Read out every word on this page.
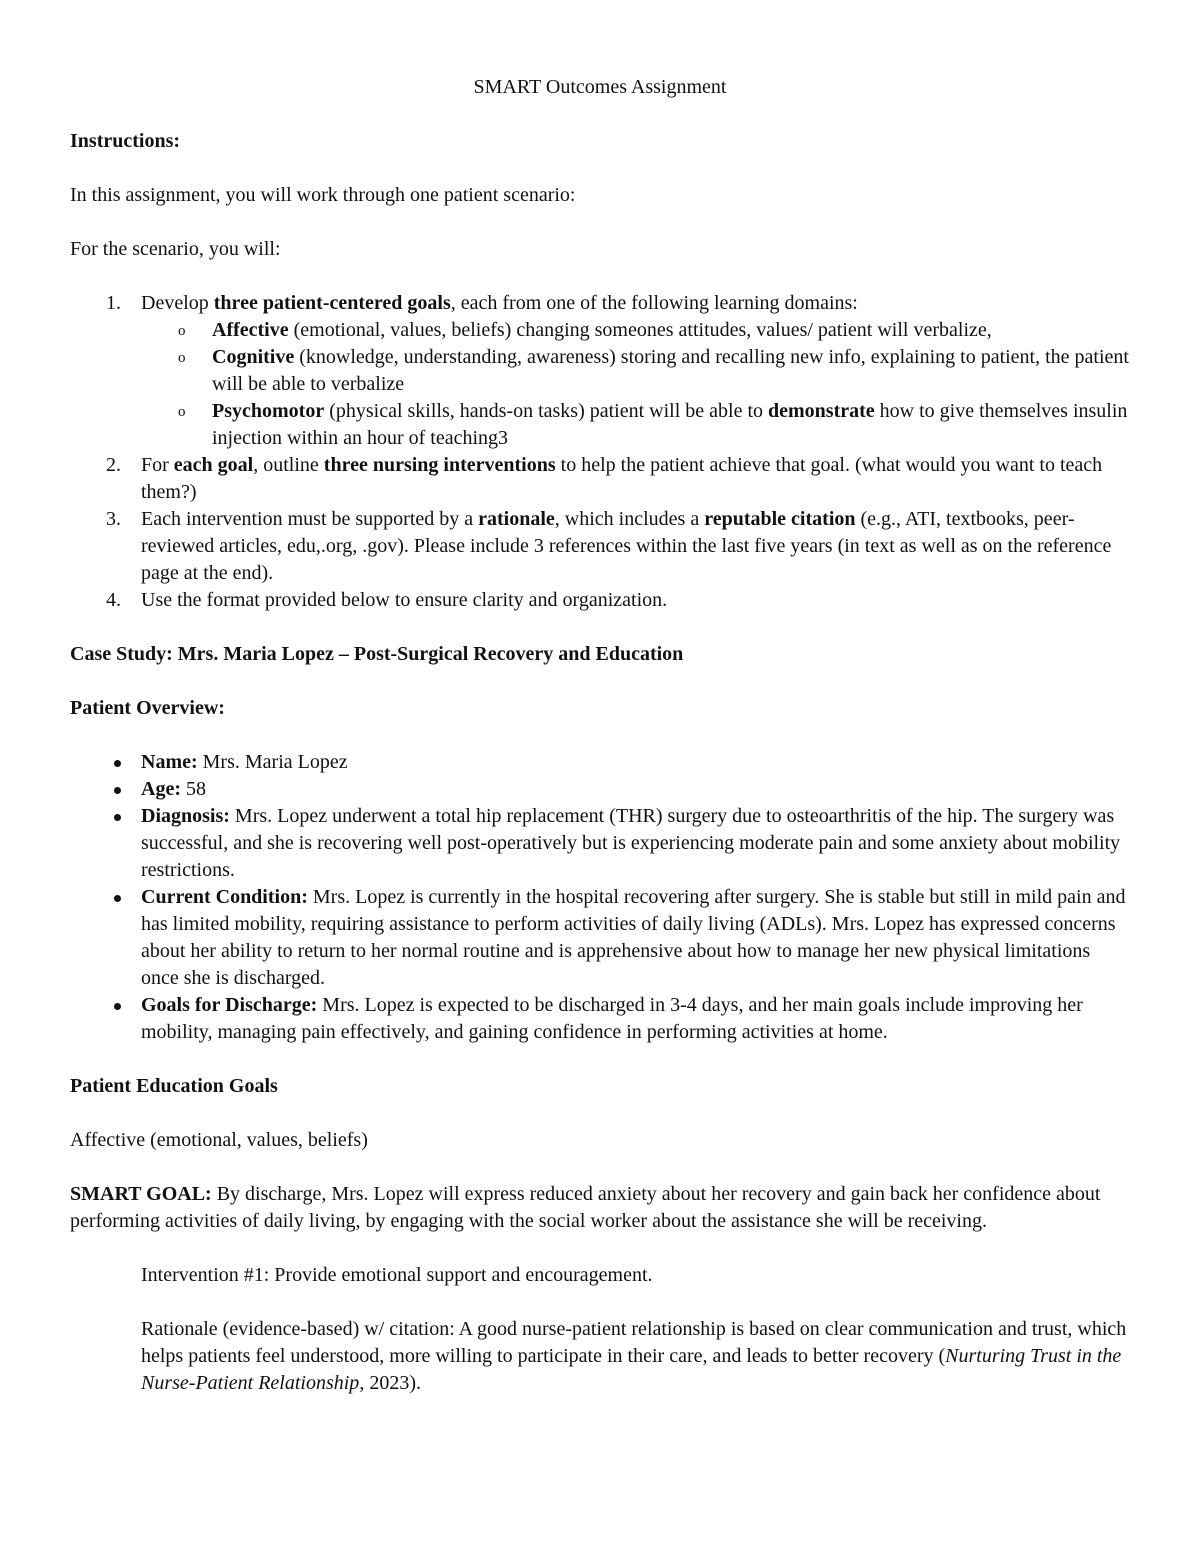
SMART Outcomes Assignment

Instructions:

In this assignment, you will work through one patient scenario:

For the scenario, you will:

1. Develop three patient-centered goals, each from one of the following learning domains:
o Affective (emotional, values, beliefs) changing someones attitudes, values/ patient will verbalize,
o Cognitive (knowledge, understanding, awareness) storing and recalling new info, explaining to patient, the patient will be able to verbalize
o Psychomotor (physical skills, hands-on tasks) patient will be able to demonstrate how to give themselves insulin injection within an hour of teaching3
2. For each goal, outline three nursing interventions to help the patient achieve that goal. (what would you want to teach them?)
3. Each intervention must be supported by a rationale, which includes a reputable citation (e.g., ATI, textbooks, peer-reviewed articles, edu,.org, .gov). Please include 3 references within the last five years (in text as well as on the reference page at the end).
4. Use the format provided below to ensure clarity and organization.

Case Study: Mrs. Maria Lopez – Post-Surgical Recovery and Education

Patient Overview:

Name: Mrs. Maria Lopez
Age: 58
Diagnosis: Mrs. Lopez underwent a total hip replacement (THR) surgery due to osteoarthritis of the hip. The surgery was successful, and she is recovering well post-operatively but is experiencing moderate pain and some anxiety about mobility restrictions.
Current Condition: Mrs. Lopez is currently in the hospital recovering after surgery. She is stable but still in mild pain and has limited mobility, requiring assistance to perform activities of daily living (ADLs). Mrs. Lopez has expressed concerns about her ability to return to her normal routine and is apprehensive about how to manage her new physical limitations once she is discharged.
Goals for Discharge: Mrs. Lopez is expected to be discharged in 3-4 days, and her main goals include improving her mobility, managing pain effectively, and gaining confidence in performing activities at home.

Patient Education Goals

Affective (emotional, values, beliefs)

SMART GOAL: By discharge, Mrs. Lopez will express reduced anxiety about her recovery and gain back her confidence about performing activities of daily living, by engaging with the social worker about the assistance she will be receiving.

Intervention #1: Provide emotional support and encouragement.

Rationale (evidence-based) w/ citation: A good nurse-patient relationship is based on clear communication and trust, which helps patients feel understood, more willing to participate in their care, and leads to better recovery (Nurturing Trust in the Nurse-Patient Relationship, 2023).
